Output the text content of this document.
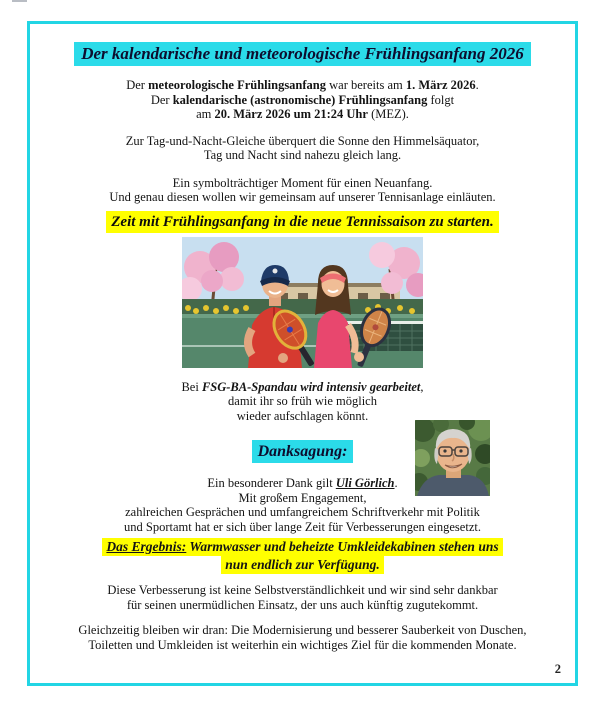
Der kalendarische und meteorologische Frühlingsanfang 2026
Der meteorologische Frühlingsanfang war bereits am 1. März 2026.
Der kalendarische (astronomische) Frühlingsanfang folgt
am 20. März 2026 um 21:24 Uhr (MEZ).
Zur Tag-und-Nacht-Gleiche überquert die Sonne den Himmelsäquator,
Tag und Nacht sind nahezu gleich lang.
Ein symbolträchtiger Moment für einen Neuanfang.
Und genau diesen wollen wir gemeinsam auf unserer Tennisanlage einläuten.
Zeit mit Frühlingsanfang in die neue Tennissaison zu starten.
Bei FSG-BA-Spandau wird intensiv gearbeitet,
damit ihr so früh wie möglich
wieder aufschlagen könnt.
Danksagung:
Ein besonderer Dank gilt Uli Görlich.
Mit großem Engagement,
zahlreichen Gesprächen und umfangreichem Schriftverkehr mit Politik
und Sportamt hat er sich über lange Zeit für Verbesserungen eingesetzt.
Das Ergebnis: Warmwasser und beheizte Umkleidekabinen stehen uns
nun endlich zur Verfügung.
Diese Verbesserung ist keine Selbstverständlichkeit und wir sind sehr dankbar
für seinen unermüdlichen Einsatz, der uns auch künftig zugutekommt.
Gleichzeitig bleiben wir dran: Die Modernisierung und besserer Sauberkeit von Duschen,
Toiletten und Umkleiden ist weiterhin ein wichtiges Ziel für die kommenden Monate.
2
